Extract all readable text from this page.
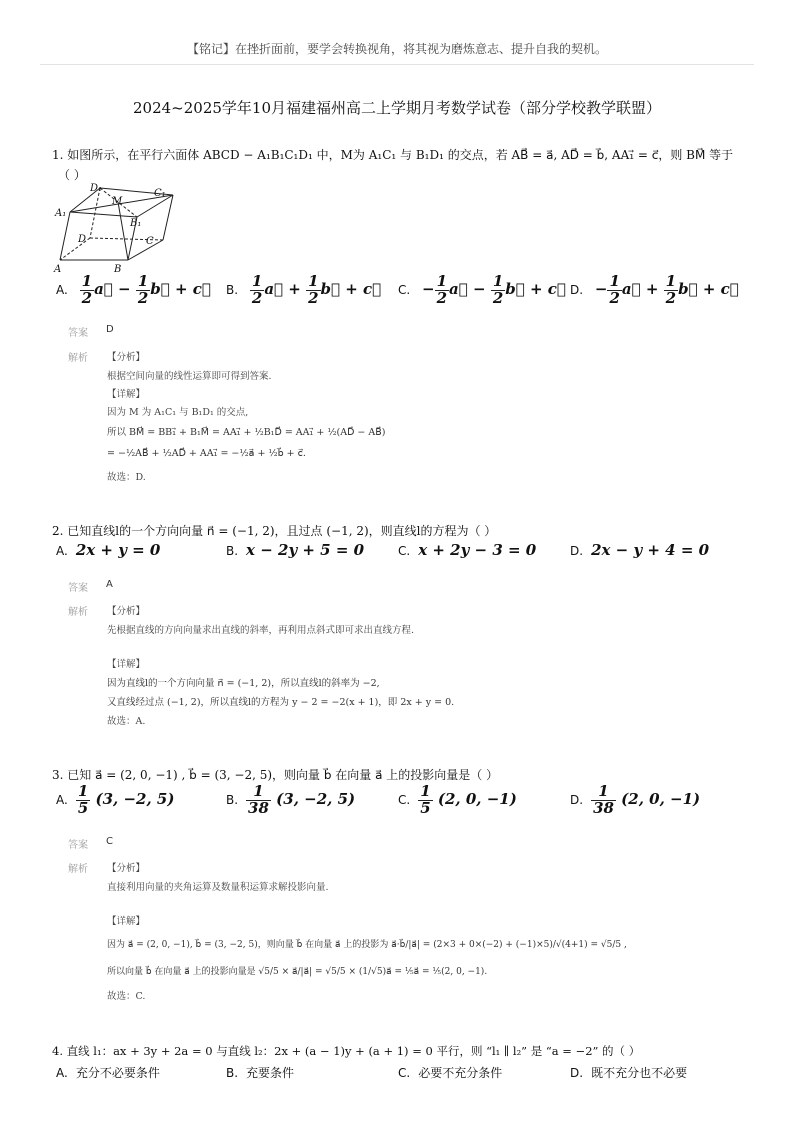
【铭记】在挫折面前，要学会转换视角，将其视为磨炼意志、提升自我的契机。
2024~2025学年10月福建福州高二上学期月考数学试卷（部分学校教学联盟）
1. 如图所示，在平行六面体 ABCD − A₁B₁C₁D₁ 中，M为 A₁C₁ 与 B₁D₁ 的交点，若 AB⃗ = a⃗, AD⃗ = b⃗, AA₁⃗ = c⃗，则 BM⃗ 等于
（ ）
D₁	C₁
A₁
M
B₁
D	C
A	B
A. $\frac{1}{2}$ a⃗ − $\frac{1}{2}$ b⃗ + c⃗ B. $\frac{1}{2}$ a⃗ + $\frac{1}{2}$ b⃗ + c⃗ C. − $\frac{1}{2}$ a⃗ − $\frac{1}{2}$ b⃗ + c⃗ D. − $\frac{1}{2}$ a⃗ + $\frac{1}{2}$ b⃗ + c⃗
答案 D
解析 【分析】
根据空间向量的线性运算即可得到答案.
【详解】
因为 M 为 A₁C₁ 与 B₁D₁ 的交点,
所以 BM⃗ = BB₁⃗ + B₁M⃗ = AA₁⃗ + ½B₁D⃗ = AA₁⃗ + ½(AD⃗ − AB⃗)
= −½AB⃗ + ½AD⃗ + AA₁⃗ = −½a⃗ + ½b⃗ + c⃗.
故选：D.
2. 已知直线l的一个方向向量 n⃗ = (−1, 2)，且过点 (−1, 2)，则直线l的方程为（ ）
A. 2x + y = 0	B. x − 2y + 5 = 0	C. x + 2y − 3 = 0	D. 2x − y + 4 = 0
答案 A
解析 【分析】
先根据直线的方向向量求出直线的斜率，再利用点斜式即可求出直线方程.
【详解】
因为直线l的一个方向向量 n⃗ = (−1, 2)，所以直线l的斜率为 −2,
又直线经过点 (−1, 2)，所以直线l的方程为 y − 2 = −2(x + 1)，即 2x + y = 0.
故选：A.
3. 已知 a⃗ = (2, 0, −1) , b⃗ = (3, −2, 5)，则向量 b⃗ 在向量 a⃗ 上的投影向量是（ ）
A. $\frac{1}{5} (3$, −2, 5)	B. $\frac{1}{38} (3$, −2, 5)	C. $\frac{1}{5} (2$, 0, −1)	D. $\frac{1}{38} (2$, 0, −1)
答案 C
解析 【分析】
直接利用向量的夹角运算及数量积运算求解投影向量.
【详解】
因为 a⃗ = (2, 0, −1), b⃗ = (3, −2, 5)，则向量 b⃗ 在向量 a⃗ 上的投影为 a⃗·b⃗/|a⃗| = (2×3 + 0×(−2) + (−1)×5)/√(4+1) = √5/5 ,
所以向量 b⃗ 在向量 a⃗ 上的投影向量是 √5/5 × a⃗/|a⃗| = √5/5 × (1/√5)a⃗ = ⅕a⃗ = ⅕(2, 0, −1).
故选：C.
4. 直线 l₁：ax + 3y + 2a = 0 与直线 l₂：2x + (a − 1)y + (a + 1) = 0 平行，则 “l₁ ∥ l₂” 是 “a = −2” 的（ ）
A. 充分不必要条件	B. 充要条件	C. 必要不充分条件	D. 既不充分也不必要
